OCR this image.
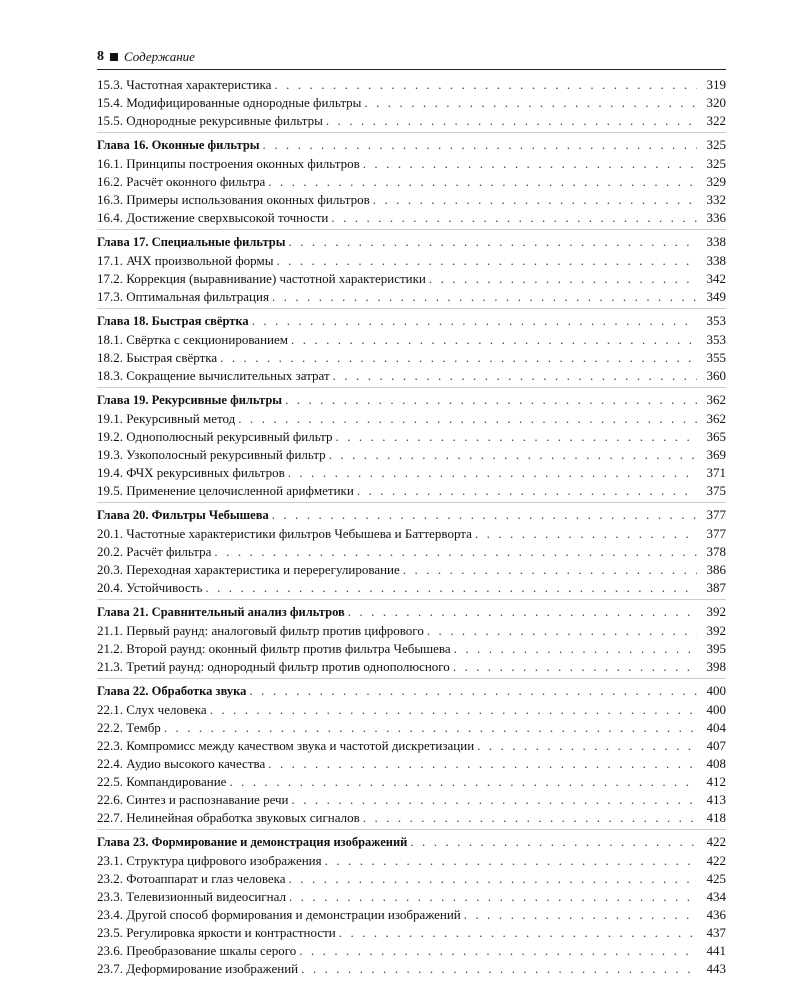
8 Содержание
15.3. Частотная характеристика . . .	319
15.4. Модифицированные однородные фильтры . . .	320
15.5. Однородные рекурсивные фильтры . . .	322
Глава 16. Оконные фильтры . . .	325
16.1. Принципы построения оконных фильтров . . .	325
16.2. Расчёт оконного фильтра . . .	329
16.3. Примеры использования оконных фильтров . . .	332
16.4. Достижение сверхвысокой точности . . .	336
Глава 17. Специальные фильтры . . .	338
17.1. АЧХ произвольной формы . . .	338
17.2. Коррекция (выравнивание) частотной характеристики . . .	342
17.3. Оптимальная фильтрация . . .	349
Глава 18. Быстрая свёртка . . .	353
18.1. Свёртка с секционированием . . .	353
18.2. Быстрая свёртка . . .	355
18.3. Сокращение вычислительных затрат . . .	360
Глава 19. Рекурсивные фильтры . . .	362
19.1. Рекурсивный метод . . .	362
19.2. Однополюсный рекурсивный фильтр . . .	365
19.3. Узкополосный рекурсивный фильтр . . .	369
19.4. ФЧХ рекурсивных фильтров . . .	371
19.5. Применение целочисленной арифметики . . .	375
Глава 20. Фильтры Чебышева . . .	377
20.1. Частотные характеристики фильтров Чебышева и Баттерворта . . .	377
20.2. Расчёт фильтра . . .	378
20.3. Переходная характеристика и перерегулирование . . .	386
20.4. Устойчивость . . .	387
Глава 21. Сравнительный анализ фильтров . . .	392
21.1. Первый раунд: аналоговый фильтр против цифрового . . .	392
21.2. Второй раунд: оконный фильтр против фильтра Чебышева . . .	395
21.3. Третий раунд: однородный фильтр против однополюсного . . .	398
Глава 22. Обработка звука . . .	400
22.1. Слух человека . . .	400
22.2. Тембр . . .	404
22.3. Компромисс между качеством звука и частотой дискретизации . . .	407
22.4. Аудио высокого качества . . .	408
22.5. Компандирование . . .	412
22.6. Синтез и распознавание речи . . .	413
22.7. Нелинейная обработка звуковых сигналов . . .	418
Глава 23. Формирование и демонстрация изображений . . .	422
23.1. Структура цифрового изображения . . .	422
23.2. Фотоаппарат и глаз человека . . .	425
23.3. Телевизионный видеосигнал . . .	434
23.4. Другой способ формирования и демонстрации изображений . . .	436
23.5. Регулировка яркости и контрастности . . .	437
23.6. Преобразование шкалы серого . . .	441
23.7. Деформирование изображений . . .	443
